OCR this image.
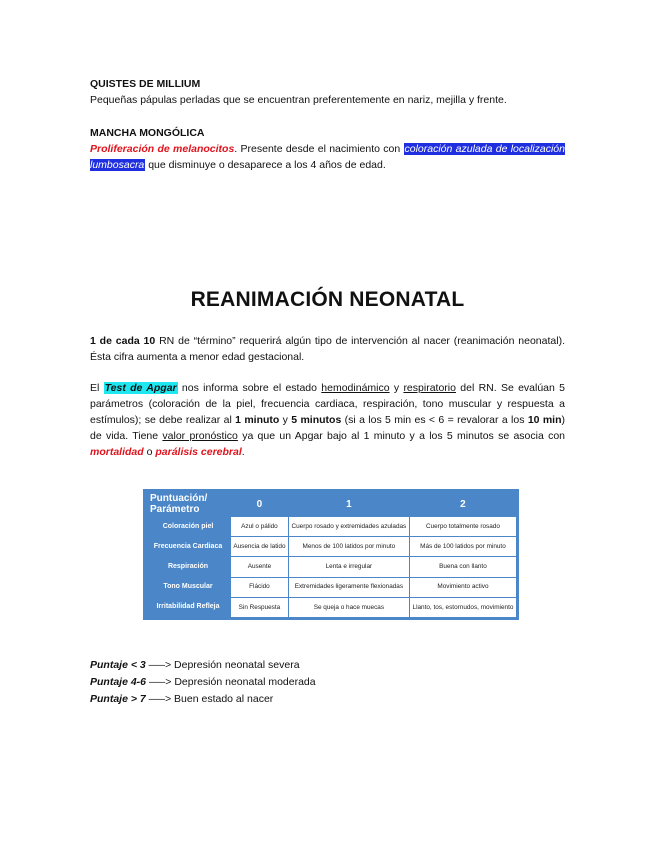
QUISTES DE MILLIUM
Pequeñas pápulas perladas que se encuentran preferentemente en nariz, mejilla y frente.
MANCHA MONGÓLICA
Proliferación de melanocitos. Presente desde el nacimiento con coloración azulada de localización lumbosacra que disminuye o desaparece a los 4 años de edad.
REANIMACIÓN NEONATAL
1 de cada 10 RN de “término” requerirá algún tipo de intervención al nacer (reanimación neonatal). Ésta cifra aumenta a menor edad gestacional.
El Test de Apgar nos informa sobre el estado hemodinámico y respiratorio del RN. Se evalúan 5 parámetros (coloración de la piel, frecuencia cardiaca, respiración, tono muscular y respuesta a estímulos); se debe realizar al 1 minuto y 5 minutos (si a los 5 min es < 6 = revalorar a los 10 min) de vida. Tiene valor pronóstico ya que un Apgar bajo al 1 minuto y a los 5 minutos se asocia con mortalidad o parálisis cerebral.
Puntuación/ Parámetro	0	1	2
Coloración piel	Azul o pálido	Cuerpo rosado y extremidades azuladas	Cuerpo totalmente rosado
Frecuencia Cardiaca	Ausencia de latido	Menos de 100 latidos por minuto	Más de 100 latidos por minuto
Respiración	Ausente	Lenta e irregular	Buena con llanto
Tono Muscular	Flácido	Extremidades ligeramente flexionadas	Movimiento activo
Irritabilidad Refleja	Sin Respuesta	Se queja o hace muecas	Llanto, tos, estornudos, movimiento
Puntaje < 3 –—> Depresión neonatal severa
Puntaje 4-6 –—> Depresión neonatal moderada
Puntaje > 7 –—> Buen estado al nacer
